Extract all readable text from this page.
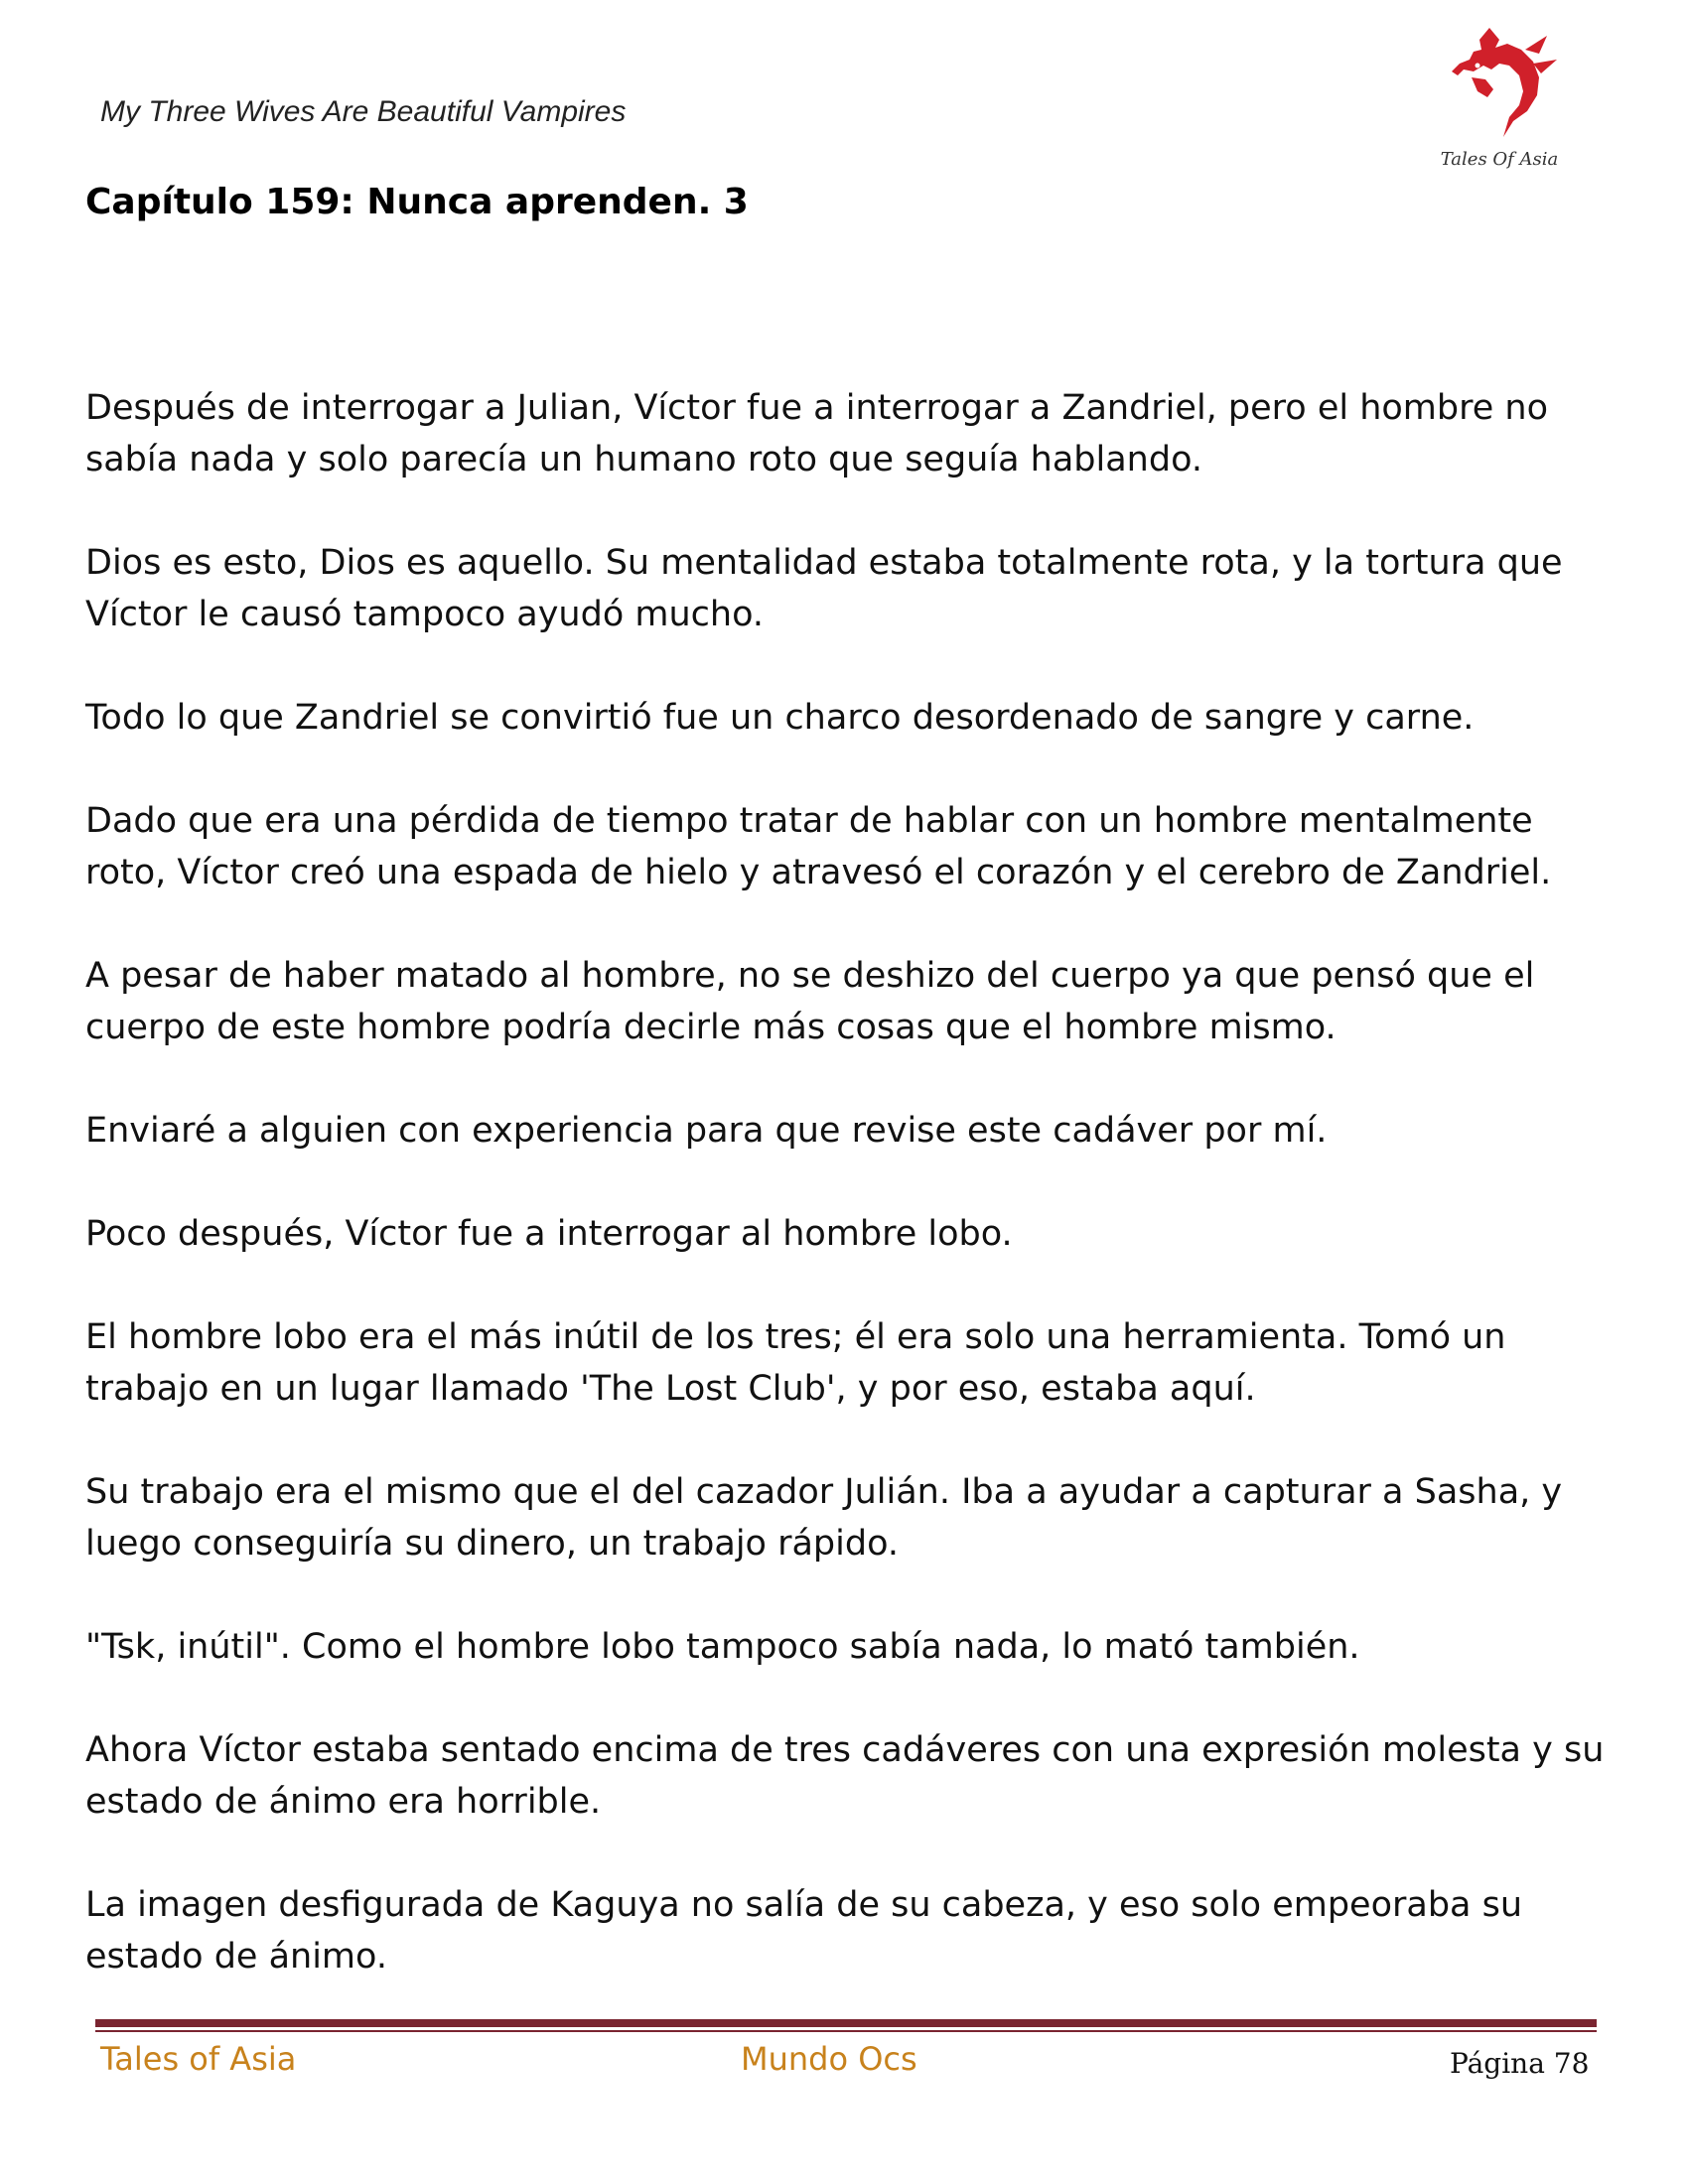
My Three Wives Are Beautiful Vampires
Tales Of Asia
Capítulo 159: Nunca aprenden. 3

Después de interrogar a Julian, Víctor fue a interrogar a Zandriel, pero el hombre no sabía nada y solo parecía un humano roto que seguía hablando.

Dios es esto, Dios es aquello. Su mentalidad estaba totalmente rota, y la tortura que Víctor le causó tampoco ayudó mucho.

Todo lo que Zandriel se convirtió fue un charco desordenado de sangre y carne.

Dado que era una pérdida de tiempo tratar de hablar con un hombre mentalmente roto, Víctor creó una espada de hielo y atravesó el corazón y el cerebro de Zandriel.

A pesar de haber matado al hombre, no se deshizo del cuerpo ya que pensó que el cuerpo de este hombre podría decirle más cosas que el hombre mismo.

Enviaré a alguien con experiencia para que revise este cadáver por mí.

Poco después, Víctor fue a interrogar al hombre lobo.

El hombre lobo era el más inútil de los tres; él era solo una herramienta. Tomó un trabajo en un lugar llamado 'The Lost Club', y por eso, estaba aquí.

Su trabajo era el mismo que el del cazador Julián. Iba a ayudar a capturar a Sasha, y luego conseguiría su dinero, un trabajo rápido.

"Tsk, inútil". Como el hombre lobo tampoco sabía nada, lo mató también.

Ahora Víctor estaba sentado encima de tres cadáveres con una expresión molesta y su estado de ánimo era horrible.

La imagen desfigurada de Kaguya no salía de su cabeza, y eso solo empeoraba su estado de ánimo.

Tales of Asia	Mundo Ocs	Página 78
